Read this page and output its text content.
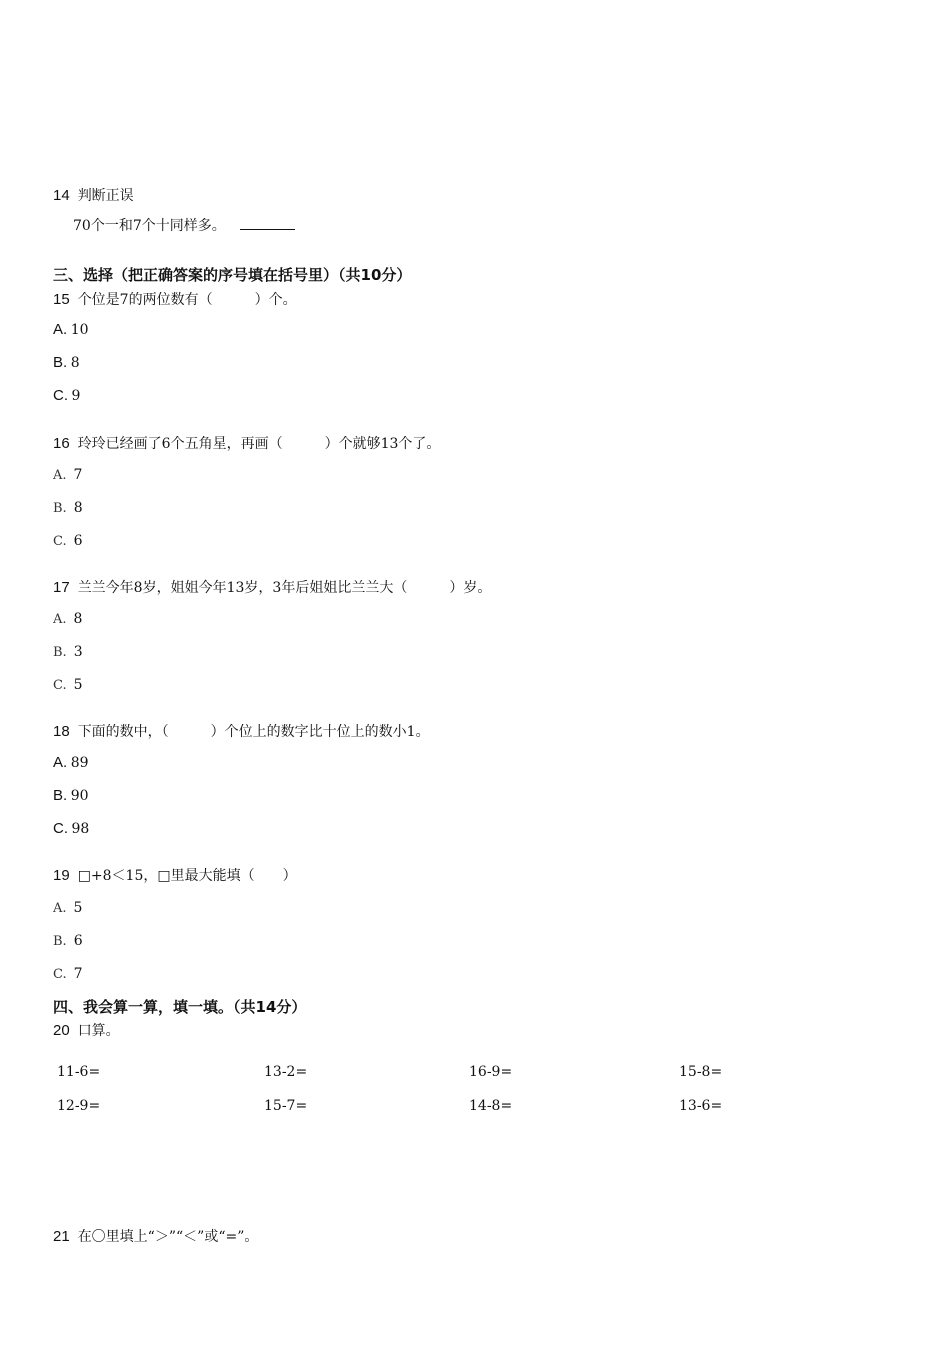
14 判断正误
70个一和7个十同样多。
三、选择（把正确答案的序号填在括号里）（共10分）
15 个位是7的两位数有（　　　）个。
A. 10
B. 8
C. 9
16 玲玲已经画了6个五角星，再画（　　　）个就够13个了。
A. 7
B. 8
C. 6
17 兰兰今年8岁，姐姐今年13岁，3年后姐姐比兰兰大（　　　）岁。
A. 8
B. 3
C. 5
18 下面的数中，（　　　）个位上的数字比十位上的数小1。
A. 89
B. 90
C. 98
19 □+8＜15，□里最大能填（　　）
A. 5
B. 6
C. 7
四、我会算一算，填一填。（共14分）
20 口算。
11-6=	13-2=	16-9=	15-8=
12-9=	15-7=	14-8=	13-6=
21 在〇里填上“＞”“＜”或“=”。
